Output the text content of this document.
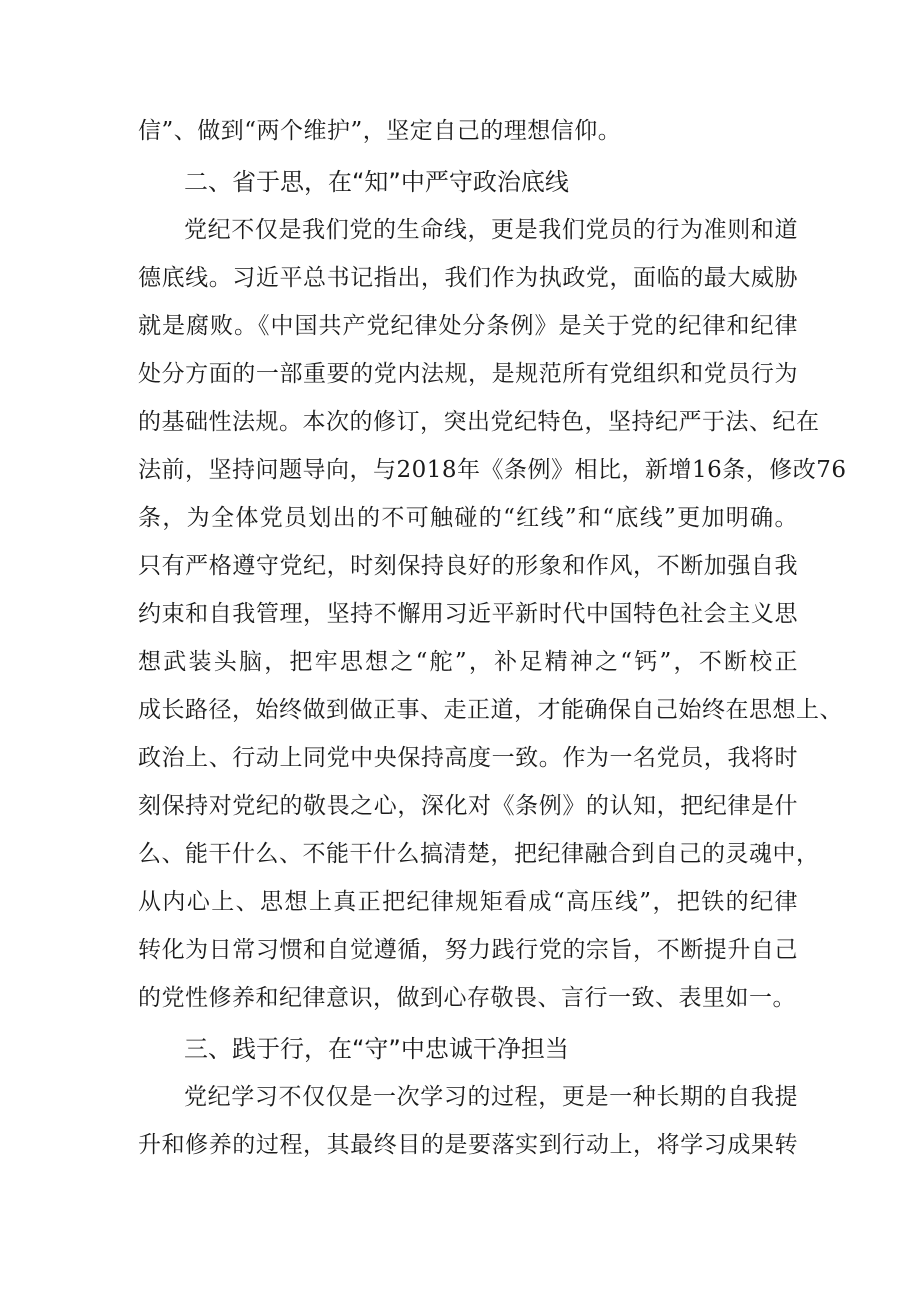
信”、做到“两个维护”，坚定自己的理想信仰。
二、省于思，在“知”中严守政治底线
党纪不仅是我们党的生命线，更是我们党员的行为准则和道
德底线。习近平总书记指出，我们作为执政党，面临的最大威胁
就是腐败。《中国共产党纪律处分条例》是关于党的纪律和纪律
处分方面的一部重要的党内法规，是规范所有党组织和党员行为
的基础性法规。本次的修订，突出党纪特色，坚持纪严于法、纪在
法前，坚持问题导向，与2018年《条例》相比，新增16条，修改76
条，为全体党员划出的不可触碰的“红线”和“底线”更加明确。
只有严格遵守党纪，时刻保持良好的形象和作风，不断加强自我
约束和自我管理，坚持不懈用习近平新时代中国特色社会主义思
想武装头脑，把牢思想之“舵”，补足精神之“钙”，不断校正
成长路径，始终做到做正事、走正道，才能确保自己始终在思想上、
政治上、行动上同党中央保持高度一致。作为一名党员，我将时
刻保持对党纪的敬畏之心，深化对《条例》的认知，把纪律是什
么、能干什么、不能干什么搞清楚，把纪律融合到自己的灵魂中，
从内心上、思想上真正把纪律规矩看成“高压线”，把铁的纪律
转化为日常习惯和自觉遵循，努力践行党的宗旨，不断提升自己
的党性修养和纪律意识，做到心存敬畏、言行一致、表里如一。
三、践于行，在“守”中忠诚干净担当
党纪学习不仅仅是一次学习的过程，更是一种长期的自我提
升和修养的过程，其最终目的是要落实到行动上，将学习成果转
